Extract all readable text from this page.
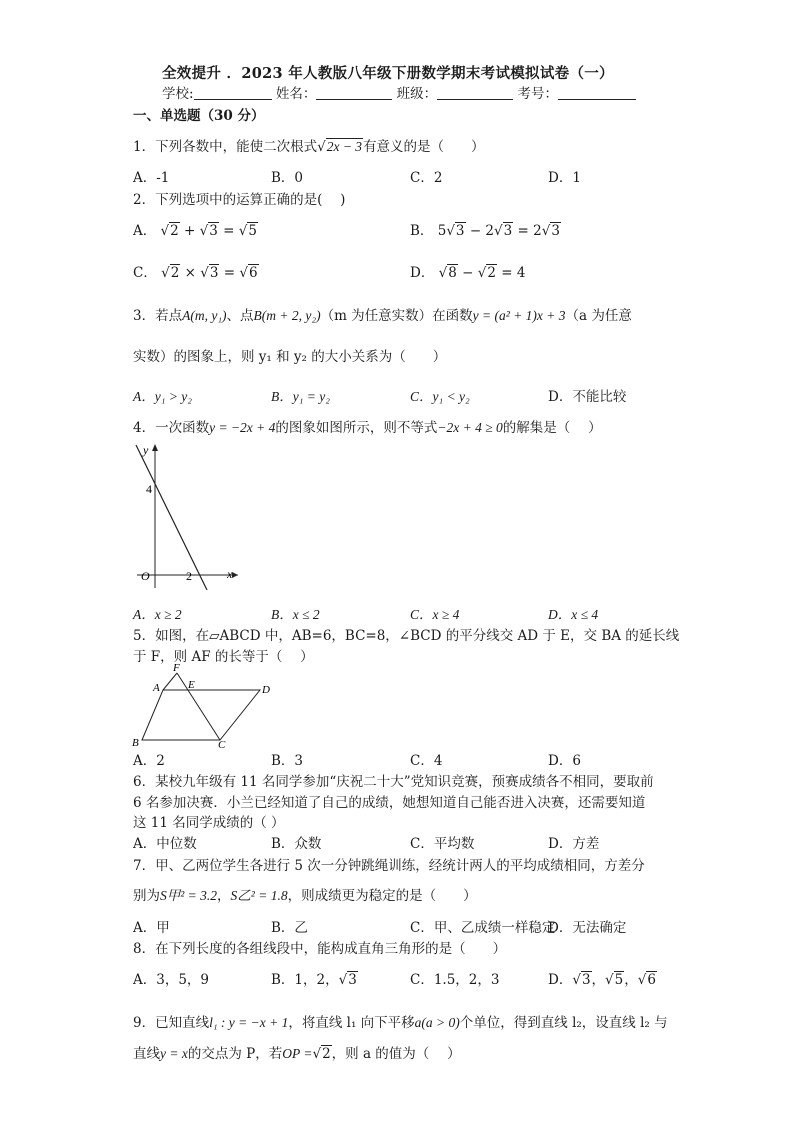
全效提升 ．2023 年人教版八年级下册数学期末考试模拟试卷（一）
学校:	姓名：	班级：	考号：
一、单选题（30 分）
1．下列各数中，能使二次根式√2x − 3有意义的是（　　）
A．-1	B．0	C．2	D．1
2．下列选项中的运算正确的是(　 )
A． √2 + √3 = √5	B． 5√3 − 2√3 = 2√3
C． √2 × √3 = √6	D． √8 − √2 = 4
3．若点A(m, y₁)、点B(m + 2, y₂)（m 为任意实数）在函数y = (a² + 1)x + 3（a 为任意
实数）的图象上，则 y₁ 和 y₂ 的大小关系为（　　）
A．y₁ > y₂	B．y₁ = y₂	C．y₁ < y₂	D．不能比较
4．一次函数y = −2x + 4的图象如图所示，则不等式−2x + 4 ≥ 0的解集是（　 ）
y
x
O
4
2
A．x ≥ 2	B．x ≤ 2	C．x ≥ 4	D．x ≤ 4
5．如图，在▱ABCD 中，AB=6，BC=8，∠BCD 的平分线交 AD 于 E，交 BA 的延长线
于 F，则 AF 的长等于（　 ）
F
A	E	D
B	C
A．2	B．3	C．4	D．6
6．某校九年级有 11 名同学参加“庆祝二十大”党知识竞赛，预赛成绩各不相同，要取前
6 名参加决赛．小兰已经知道了自己的成绩，她想知道自己能否进入决赛，还需要知道
这 11 名同学成绩的（ ）
A．中位数	B．众数	C．平均数	D．方差
7．甲、乙两位学生各进行 5 次一分钟跳绳训练，经统计两人的平均成绩相同，方差分
别为S甲² = 3.2，S乙² = 1.8，则成绩更为稳定的是（　　）
A．甲	B．乙	C．甲、乙成绩一样稳定
D．无法确定
8．在下列长度的各组线段中，能构成直角三角形的是（　　）
A．3，5，9	B．1，2，√3	C．1.5，2，3	D．√3，√5，√6
9．已知直线l₁ : y = −x + 1，将直线 l₁ 向下平移a(a > 0)个单位，得到直线 l₂，设直线 l₂ 与
直线y = x的交点为 P，若OP =√2，则 a 的值为（　 ）
